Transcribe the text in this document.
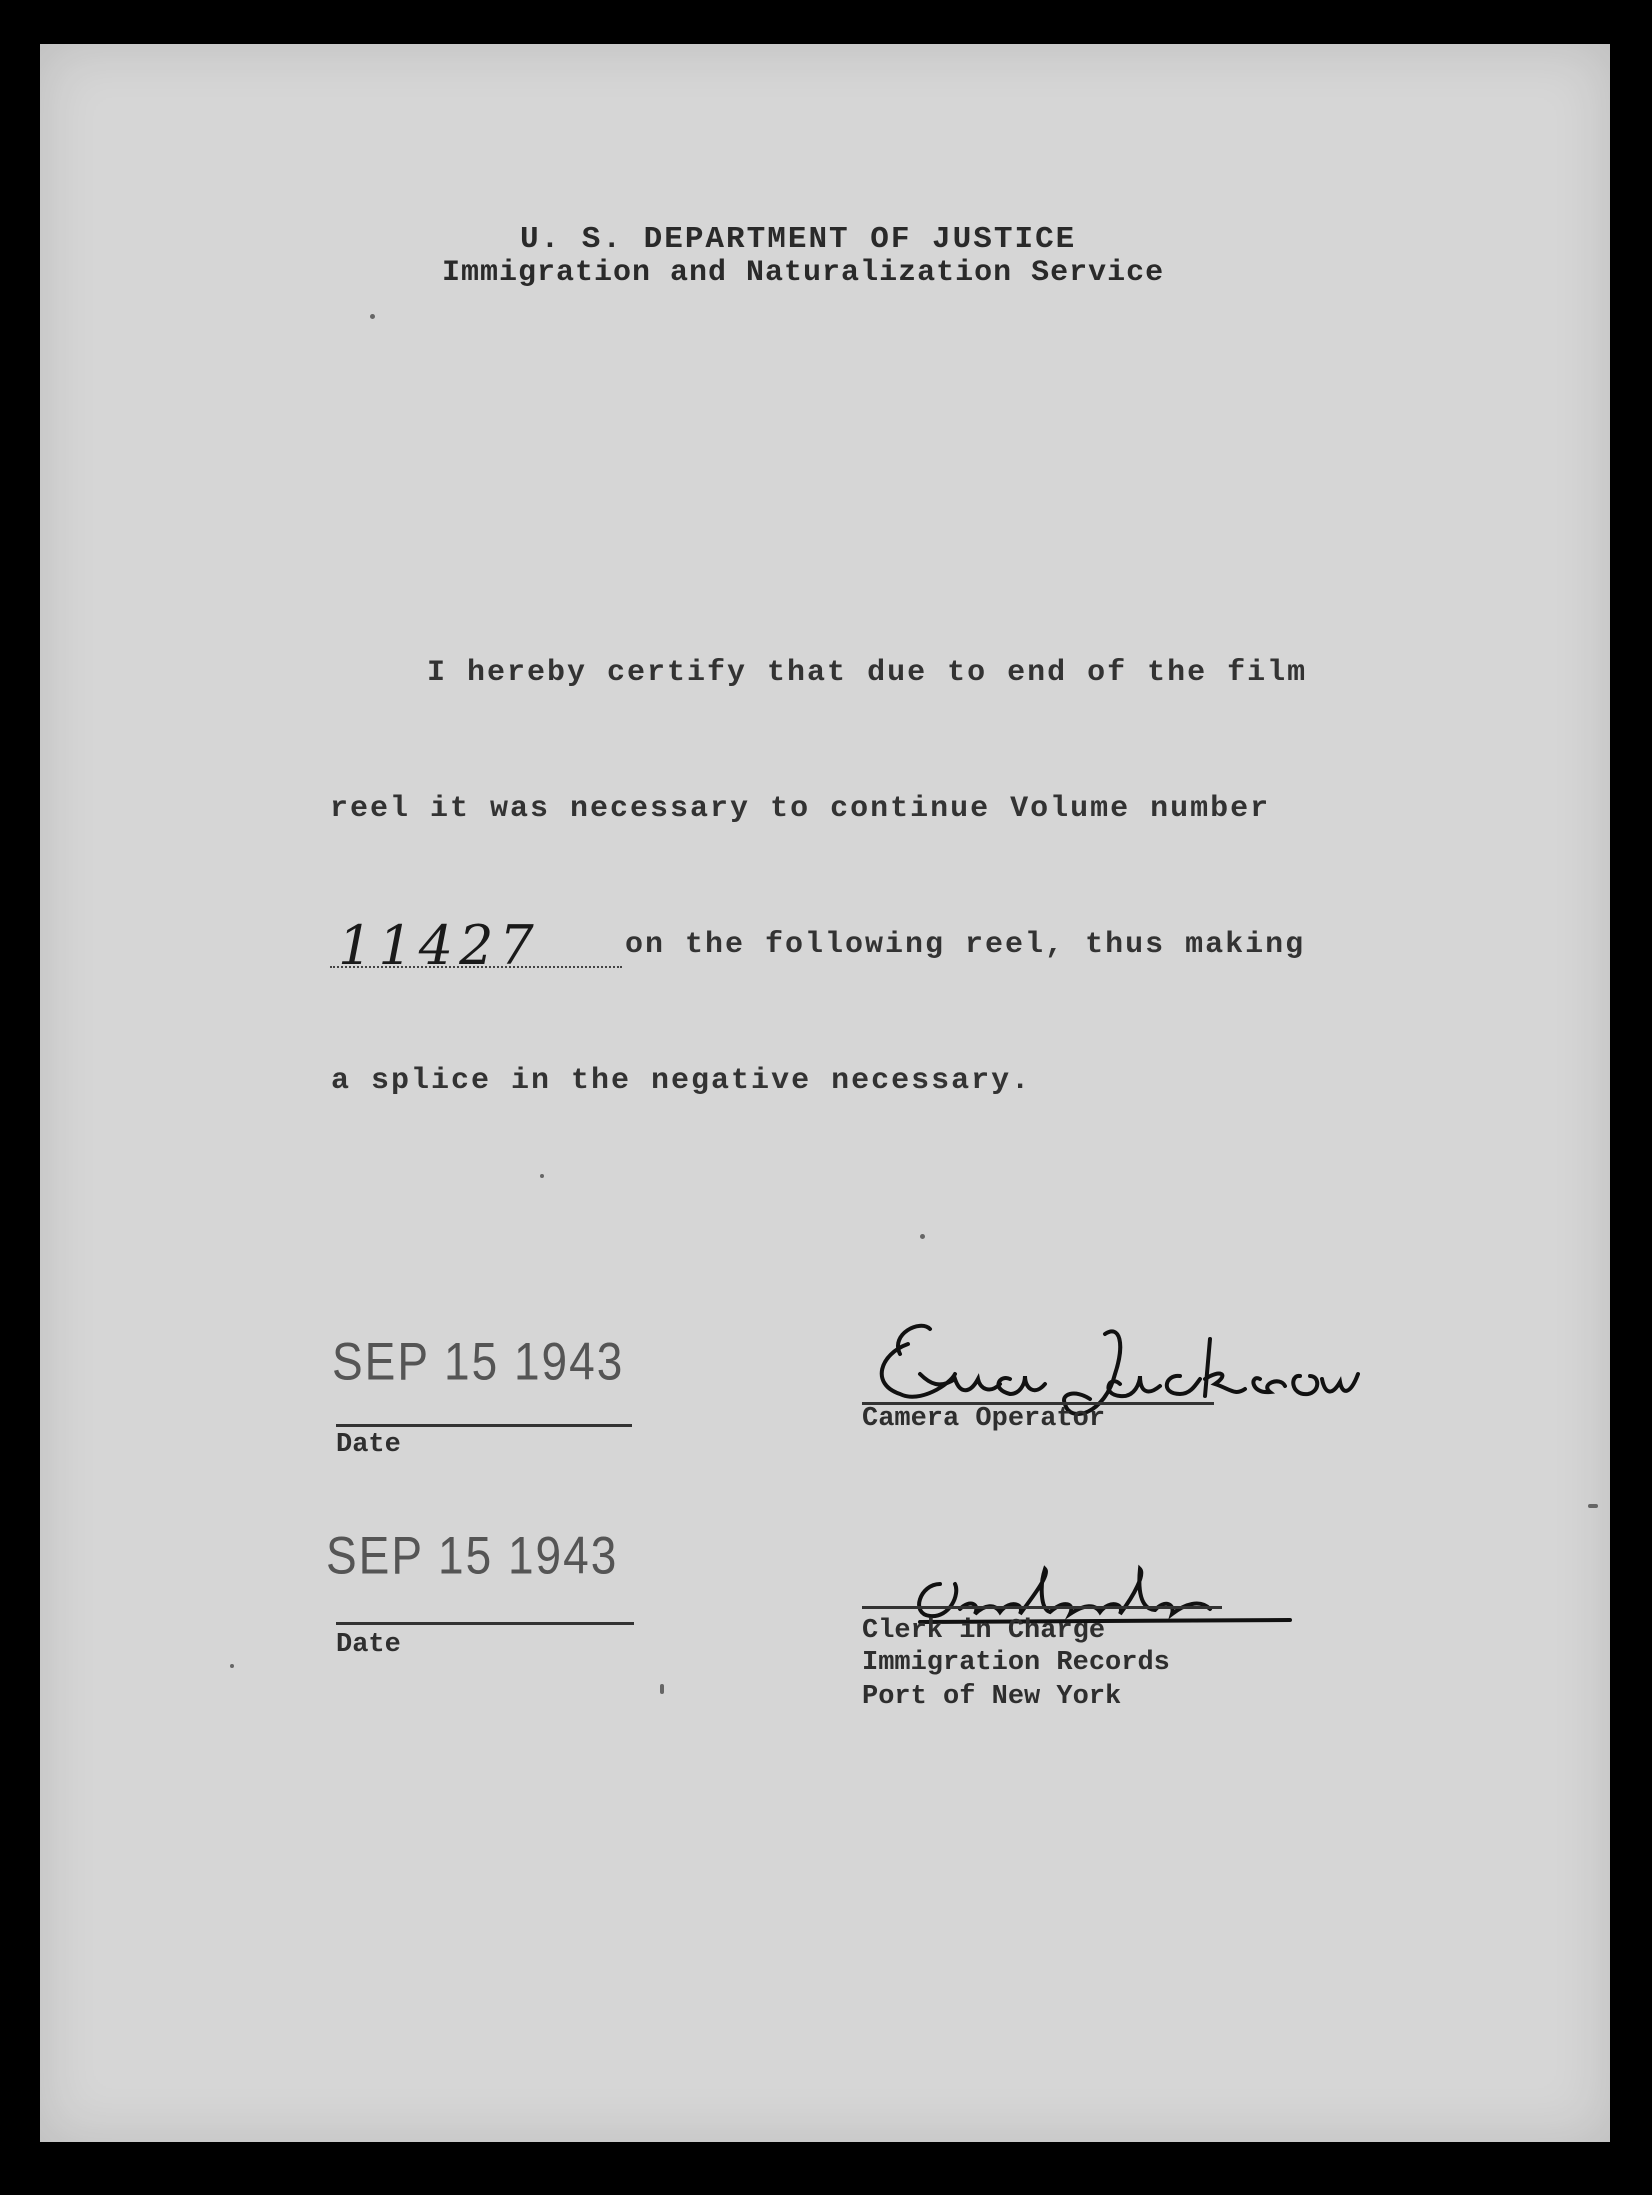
U. S. DEPARTMENT OF JUSTICE
Immigration and Naturalization Service
I hereby certify that due to end of the film
reel it was necessary to continue Volume number
11427	on the following reel, thus making
a splice in the negative necessary.
SEP 15 1943
Date
SEP 15 1943
Date
Camera Operator
Clerk in Charge
Immigration Records
Port of New York
